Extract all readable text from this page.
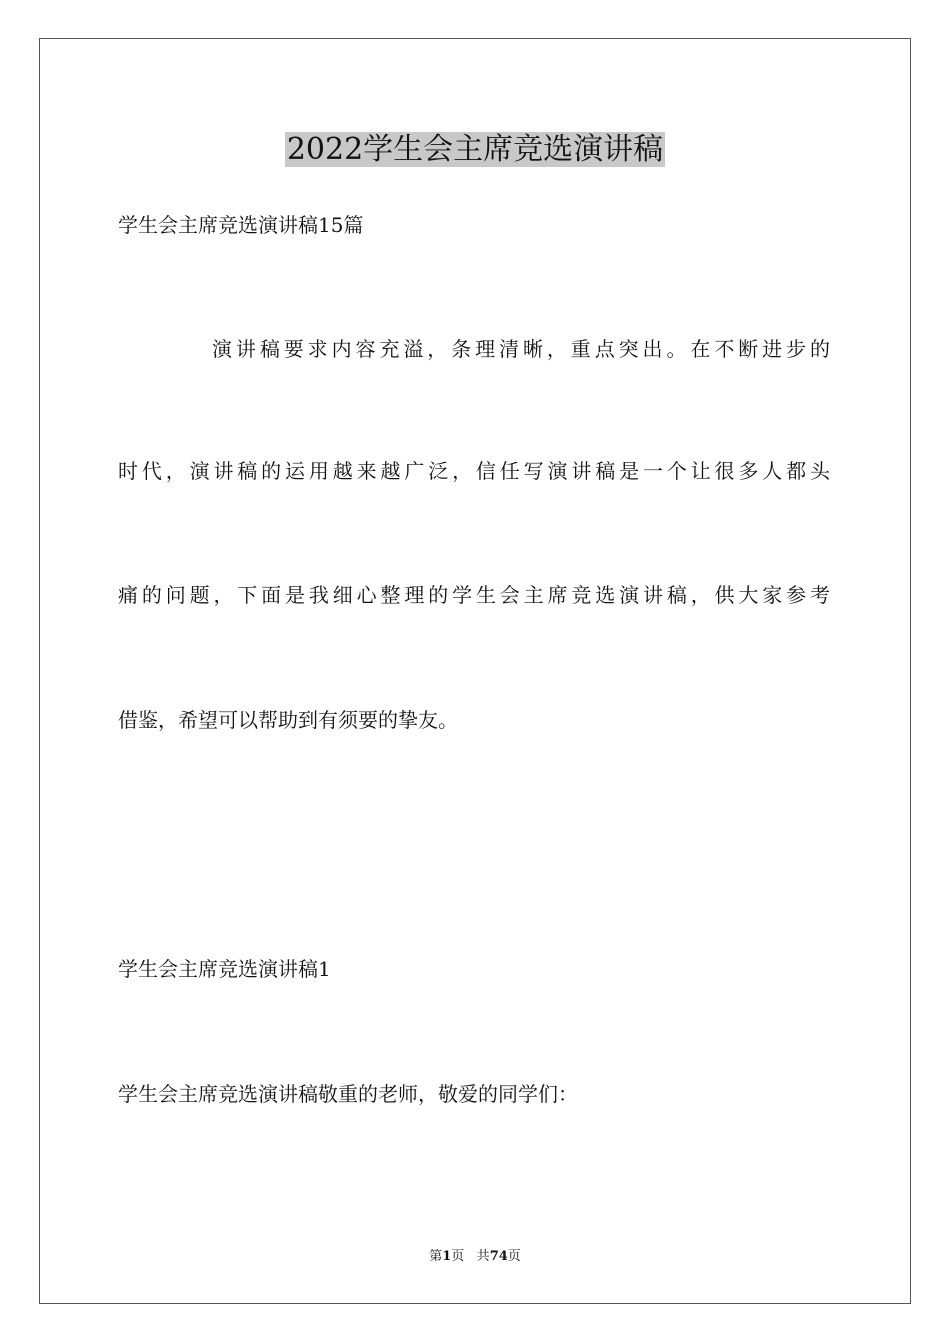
2022学生会主席竞选演讲稿
学生会主席竞选演讲稿15篇
演讲稿要求内容充溢，条理清晰，重点突出。在不断进步的
时代，演讲稿的运用越来越广泛，信任写演讲稿是一个让很多人都头
痛的问题，下面是我细心整理的学生会主席竞选演讲稿，供大家参考
借鉴，希望可以帮助到有须要的挚友。
学生会主席竞选演讲稿1
学生会主席竞选演讲稿敬重的老师，敬爱的同学们：
第1页 共74页
